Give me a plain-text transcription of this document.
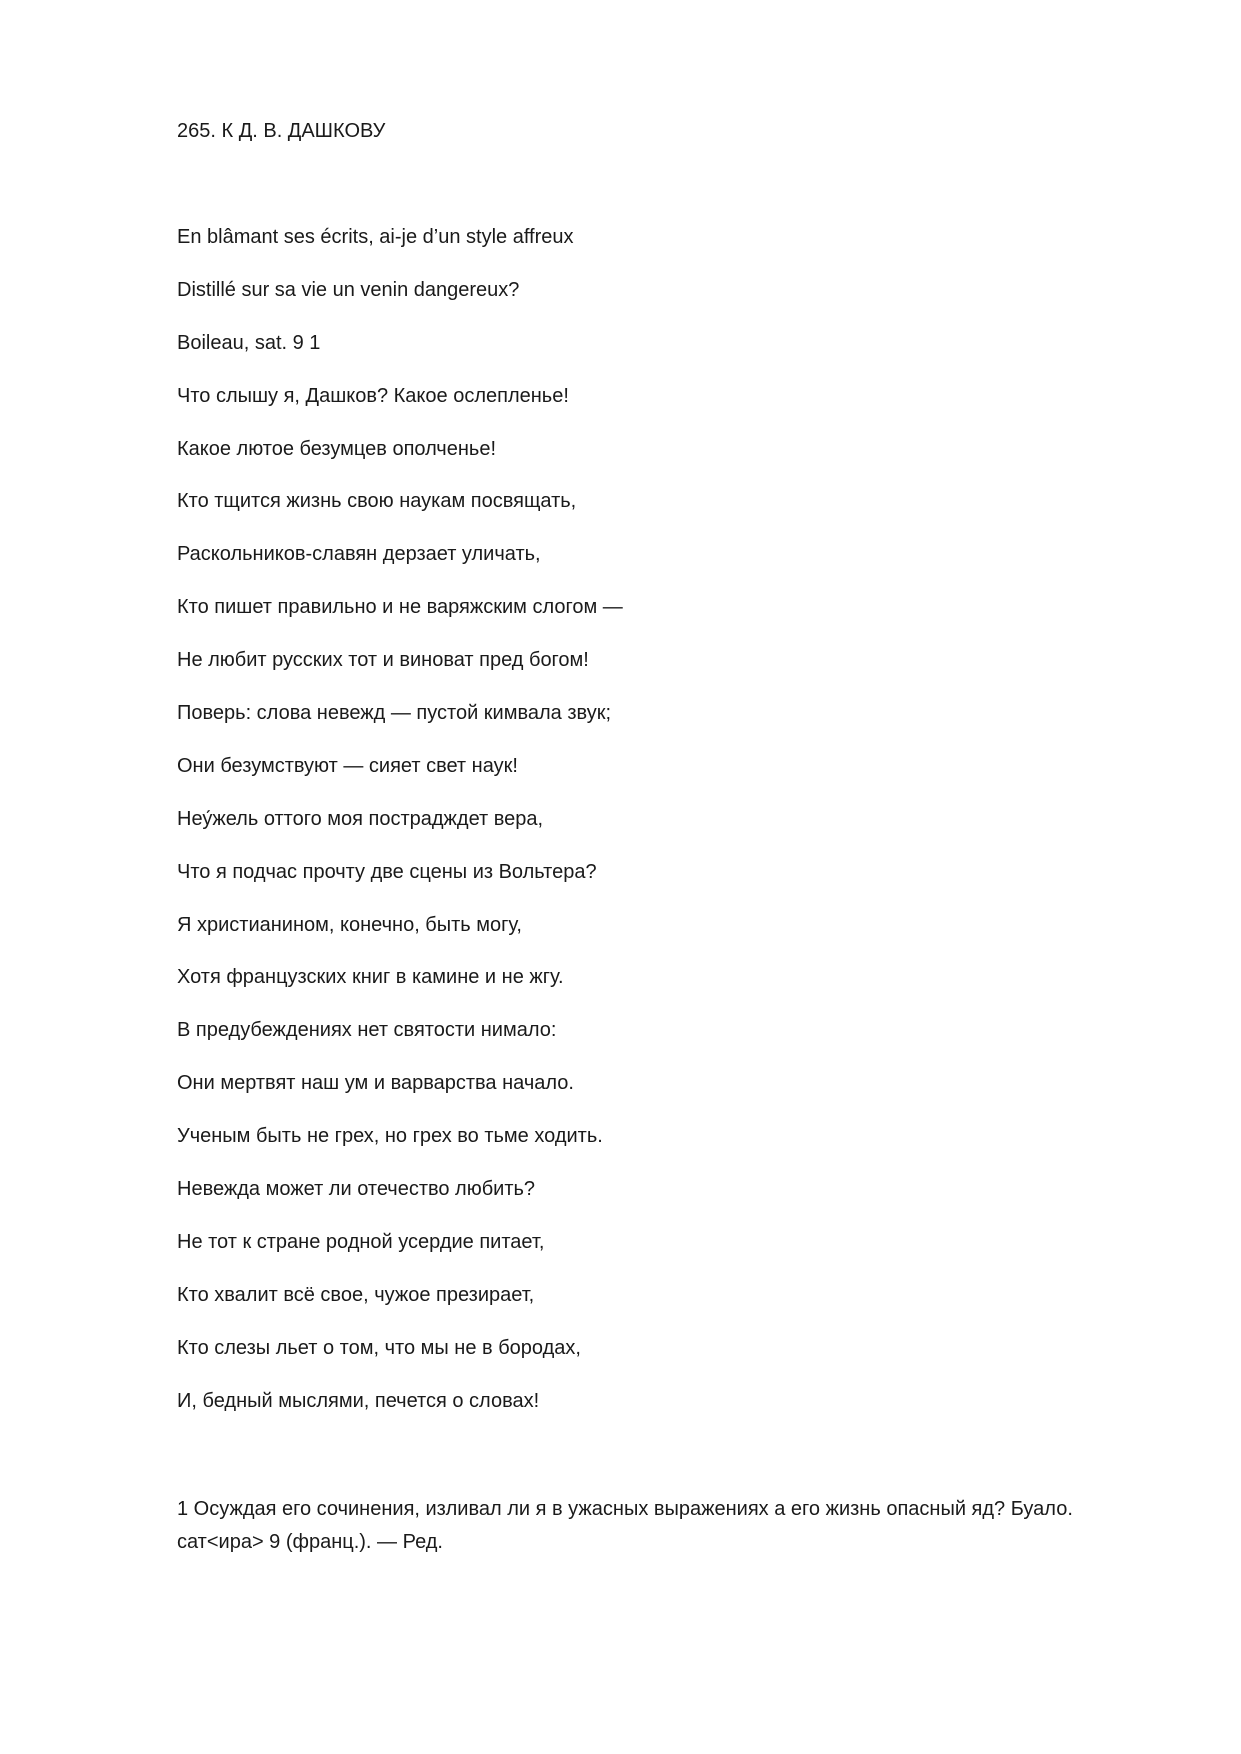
265. К Д. В. ДАШКОВУ
En blâmant ses écrits, ai-je d’un style affreux
Distillé sur sa vie un venin dangereux?
Boileau, sat. 9 1
Что слышу я, Дашков? Какое ослепленье!
Какое лютое безумцев ополченье!
Кто тщится жизнь свою наукам посвящать,
Раскольников-славян дерзает уличать,
Кто пишет правильно и не варяжским слогом —
Не любит русских тот и виноват пред богом!
Поверь: слова невежд — пустой кимвала звук;
Они безумствуют — сияет свет наук!
Неу́жель оттого моя пострадждет вера,
Что я подчас прочту две сцены из Вольтера?
Я христианином, конечно, быть могу,
Хотя французских книг в камине и не жгу.
В предубеждениях нет святости нимало:
Они мертвят наш ум и варварства начало.
Ученым быть не грех, но грех во тьме ходить.
Невежда может ли отечество любить?
Не тот к стране родной усердие питает,
Кто хвалит всё свое, чужое презирает,
Кто слезы льет о том, что мы не в бородах,
И, бедный мыслями, печется о словах!
1 Осуждая его сочинения, изливал ли я в ужасных выражениях а его жизнь опасный яд? Буало.
сат<ира> 9 (франц.). — Ред.
